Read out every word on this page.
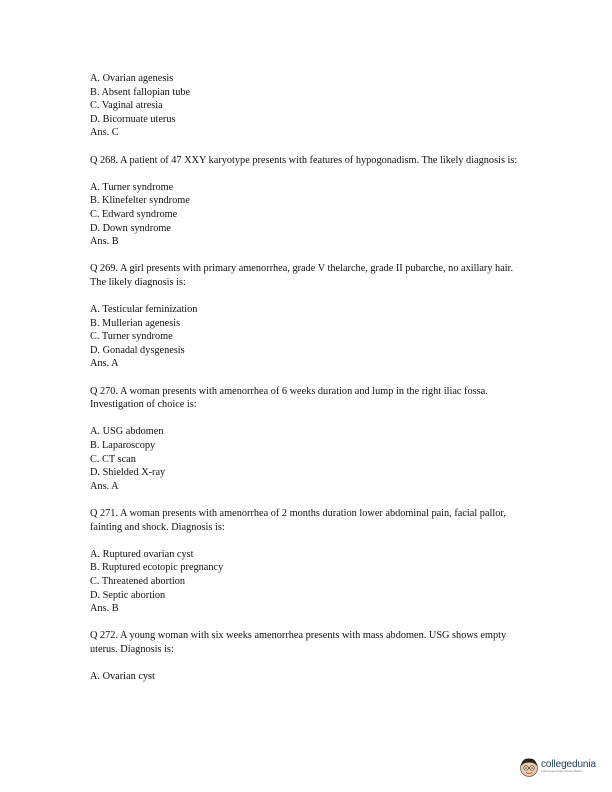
A. Ovarian agenesis
B. Absent fallopian tube
C. Vaginal atresia
D. Bicornuate uterus
Ans. C
Q 268. A patient of 47 XXY karyotype presents with features of hypogonadism. The likely diagnosis is:
A. Turner syndrome
B. Klinefelter syndrome
C. Edward syndrome
D. Down syndrome
Ans. B
Q 269. A girl presents with primary amenorrhea, grade V thelarche, grade II pubarche, no axillary hair. The likely diagnosis is:
A. Testicular feminization
B. Mullerian agenesis
C. Turner syndrome
D. Gonadal dysgenesis
Ans. A
Q 270. A woman presents with amenorrhea of 6 weeks duration and lump in the right iliac fossa. Investigation of choice is:
A. USG abdomen
B. Laparoscopy
C. CT scan
D. Shielded X-ray
Ans. A
Q 271. A woman presents with amenorrhea of 2 months duration lower abdominal pain, facial pallor, fainting and shock. Diagnosis is:
A. Ruptured ovarian cyst
B. Ruptured ecotopic pregnancy
C. Threatened abortion
D. Septic abortion
Ans. B
Q 272. A young woman with six weeks amenorrhea presents with mass abdomen. USG shows empty uterus. Diagnosis is:
A. Ovarian cyst
collegedunia
India's largest Student Review Platform
